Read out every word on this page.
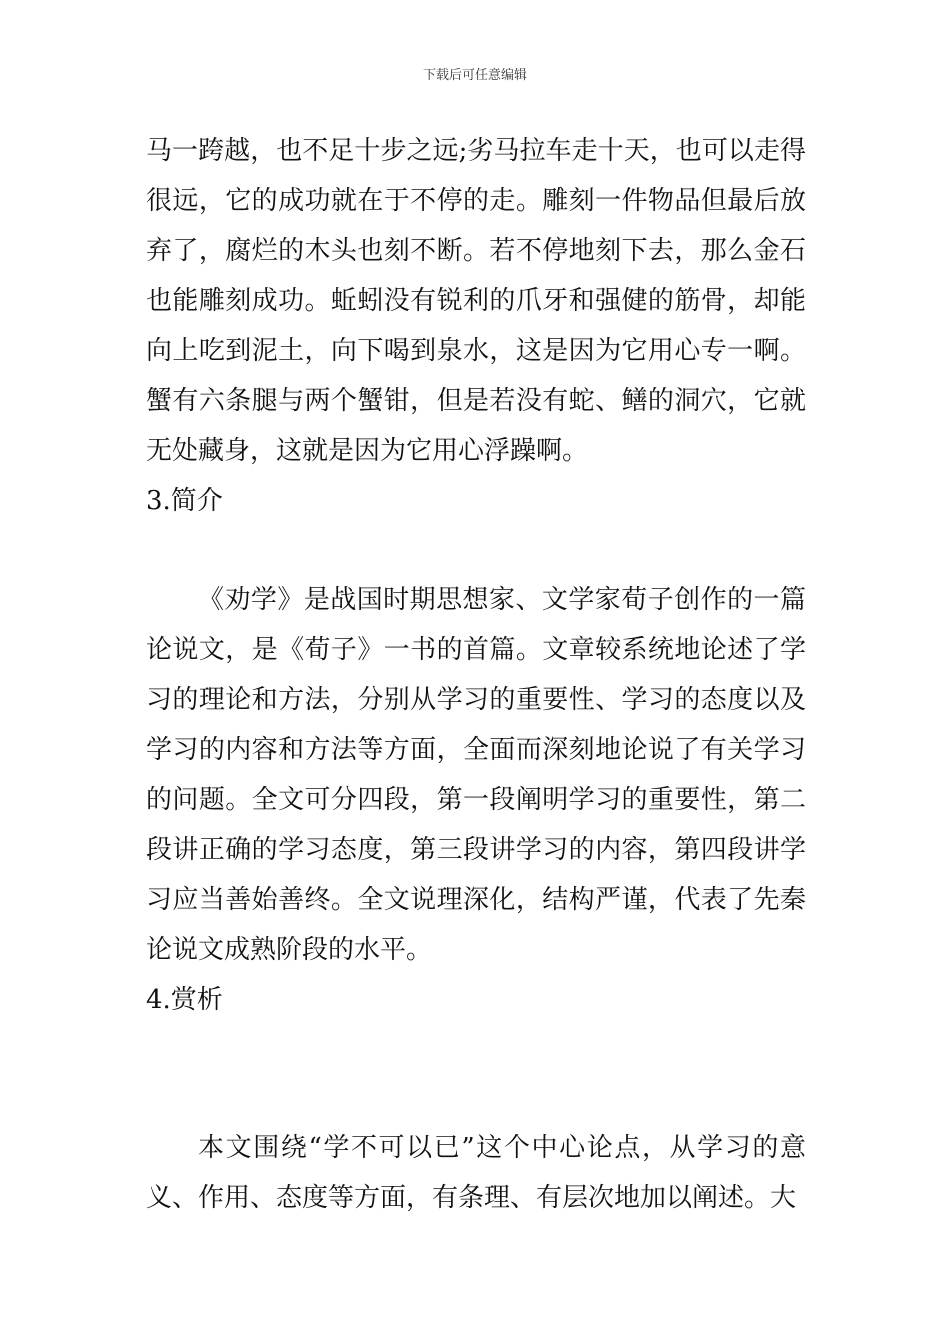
下载后可任意编辑

马一跨越，也不足十步之远;劣马拉车走十天，也可以走得很远，它的成功就在于不停的走。雕刻一件物品但最后放弃了，腐烂的木头也刻不断。若不停地刻下去，那么金石也能雕刻成功。蚯蚓没有锐利的爪牙和强健的筋骨，却能向上吃到泥土，向下喝到泉水，这是因为它用心专一啊。蟹有六条腿与两个蟹钳，但是若没有蛇、鳝的洞穴，它就无处藏身，这就是因为它用心浮躁啊。

3.简介

《劝学》是战国时期思想家、文学家荀子创作的一篇论说文，是《荀子》一书的首篇。文章较系统地论述了学习的理论和方法，分别从学习的重要性、学习的态度以及学习的内容和方法等方面，全面而深刻地论说了有关学习的问题。全文可分四段，第一段阐明学习的重要性，第二段讲正确的学习态度，第三段讲学习的内容，第四段讲学习应当善始善终。全文说理深化，结构严谨，代表了先秦论说文成熟阶段的水平。

4.赏析

本文围绕“学不可以已”这个中心论点，从学习的意义、作用、态度等方面，有条理、有层次地加以阐述。大
